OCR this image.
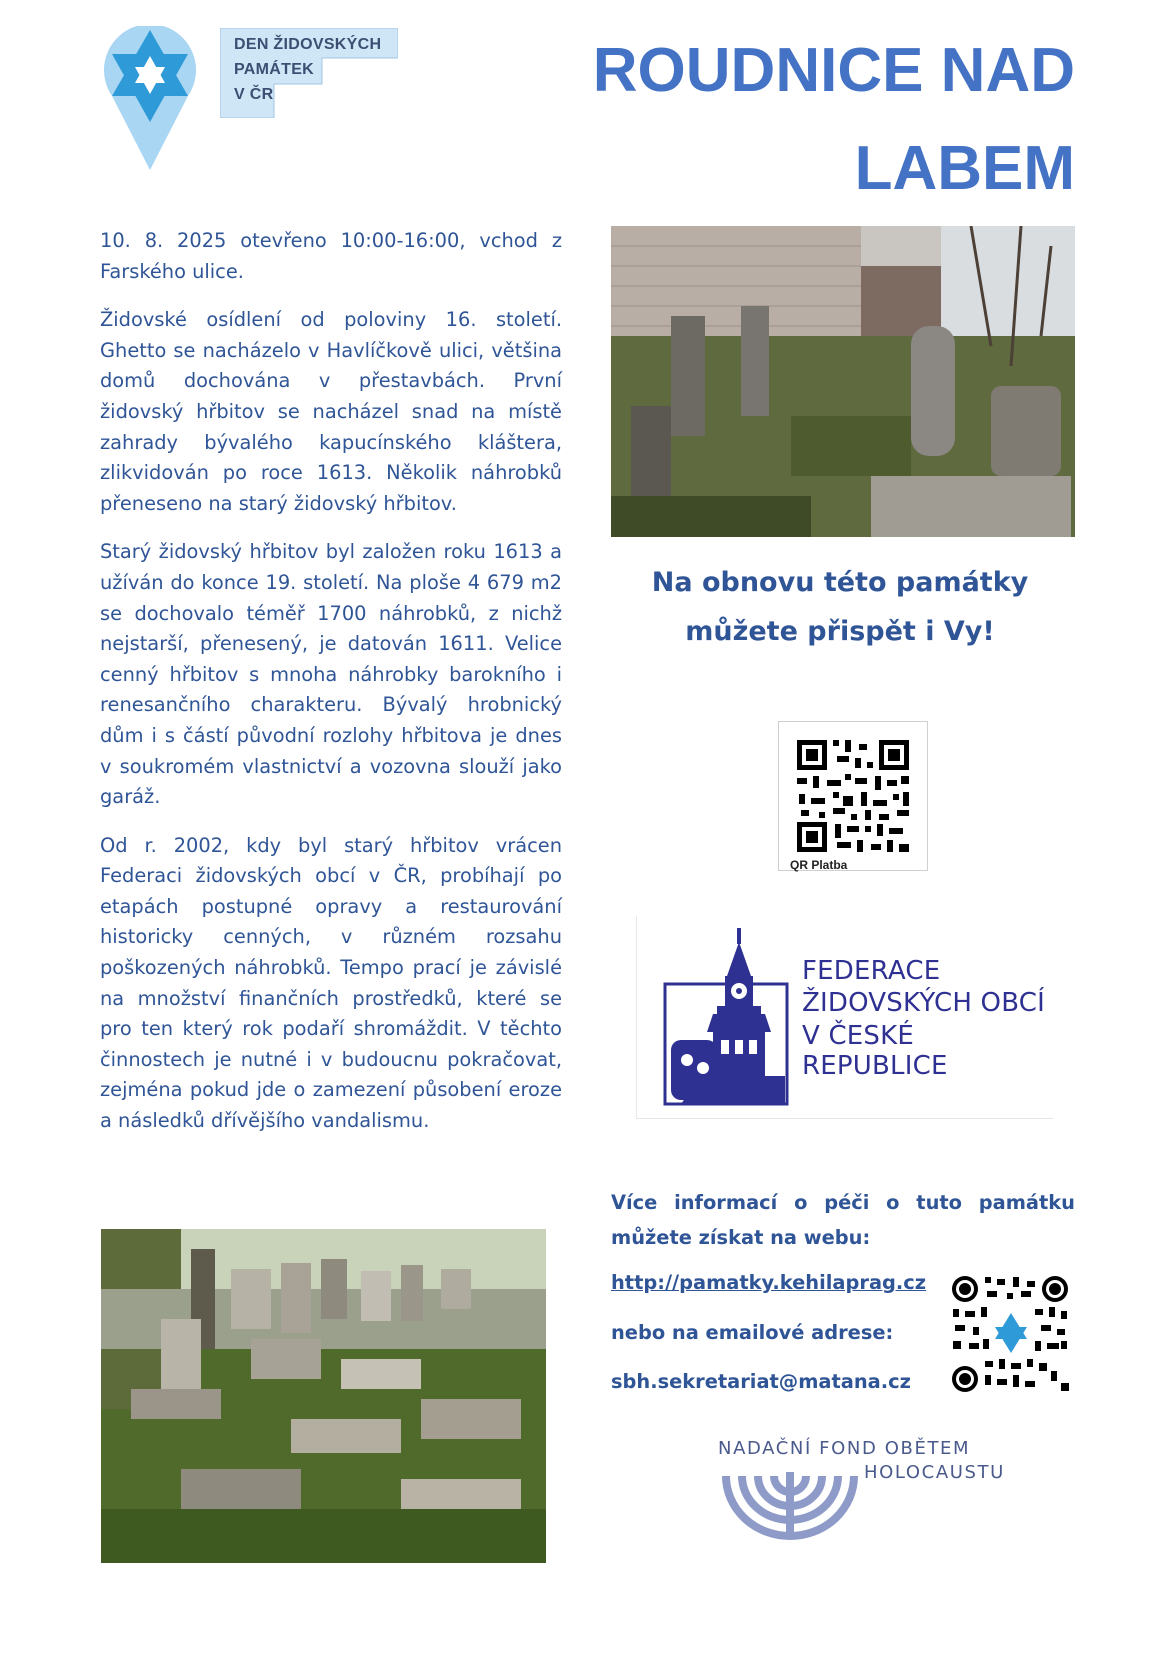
DEN ŽIDOVSKÝCH
PAMÁTEK
V ČR	ROUDNICE NAD
LABEM

10. 8. 2025 otevřeno 10:00-16:00, vchod z Farského ulice.

Židovské osídlení od poloviny 16. století. Ghetto se nacházelo v Havlíčkově ulici, většina domů dochována v přestavbách. První židovský hřbitov se nacházel snad na místě zahrady bývalého kapucínského kláštera, zlikvidován po roce 1613. Několik náhrobků přeneseno na starý židovský hřbitov.

Starý židovský hřbitov byl založen roku 1613 a užíván do konce 19. století. Na ploše 4 679 m2 se dochovalo téměř 1700 náhrobků, z nichž nejstarší, přenesený, je datován 1611. Velice cenný hřbitov s mnoha náhrobky barokního i renesančního charakteru. Bývalý hrobnický dům i s částí původní rozlohy hřbitova je dnes v soukromém vlastnictví a vozovna slouží jako garáž.

Od r. 2002, kdy byl starý hřbitov vrácen Federaci židovských obcí v ČR, probíhají po etapách postupné opravy a restaurování historicky cenných, v různém rozsahu poškozených náhrobků. Tempo prací je závislé na množství finančních prostředků, které se pro ten který rok podaří shromáždit. V těchto činnostech je nutné i v budoucnu pokračovat, zejména pokud jde o zamezení působení eroze a následků dřívějšího vandalismu.

Na obnovu této památky
můžete přispět i Vy!
QR Platba
FEDERACE
ŽIDOVSKÝCH OBCÍ
V ČESKÉ REPUBLICE

Více informací o péči o tuto památku můžete získat na webu:

http://pamatky.kehilaprag.cz
nebo na emailové adrese:
sbh.sekretariat@matana.cz
NADAČNÍ FOND OBĚTEM
HOLOCAUSTU
